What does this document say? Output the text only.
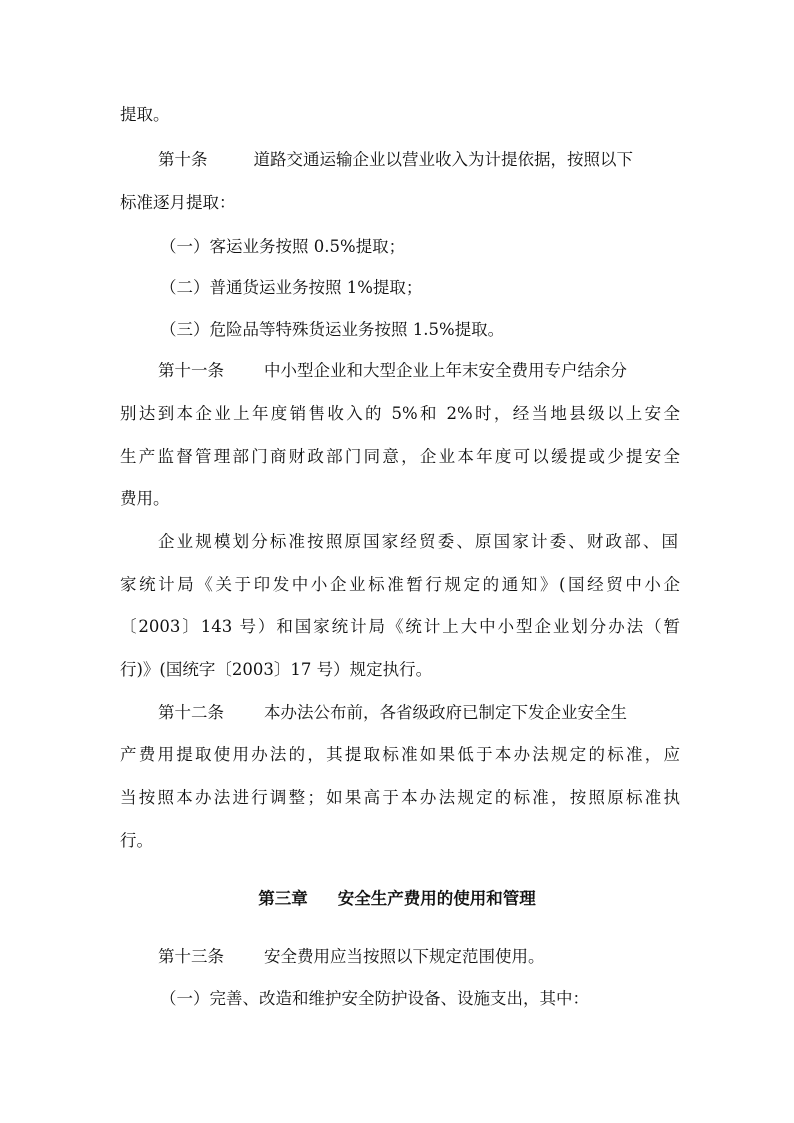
提取。
第十条	道路交通运输企业以营业收入为计提依据，按照以下
标准逐月提取：
（一）客运业务按照 0.5%提取；
（二）普通货运业务按照 1%提取；
（三）危险品等特殊货运业务按照 1.5%提取。
第十一条 中小型企业和大型企业上年末安全费用专户结余分
别达到本企业上年度销售收入的 5%和 2%时，经当地县级以上安全
生产监督管理部门商财政部门同意，企业本年度可以缓提或少提安全
费用。
企业规模划分标准按照原国家经贸委、原国家计委、财政部、国
家统计局《关于印发中小企业标准暂行规定的通知》(国经贸中小企
〔2003〕143 号）和国家统计局《统计上大中小型企业划分办法（暂
行)》(国统字〔2003〕17 号）规定执行。
第十二条 本办法公布前，各省级政府已制定下发企业安全生
产费用提取使用办法的，其提取标准如果低于本办法规定的标准，应
当按照本办法进行调整；如果高于本办法规定的标准，按照原标准执
行。
第三章 安全生产费用的使用和管理
第十三条 安全费用应当按照以下规定范围使用。
（一）完善、改造和维护安全防护设备、设施支出，其中：
